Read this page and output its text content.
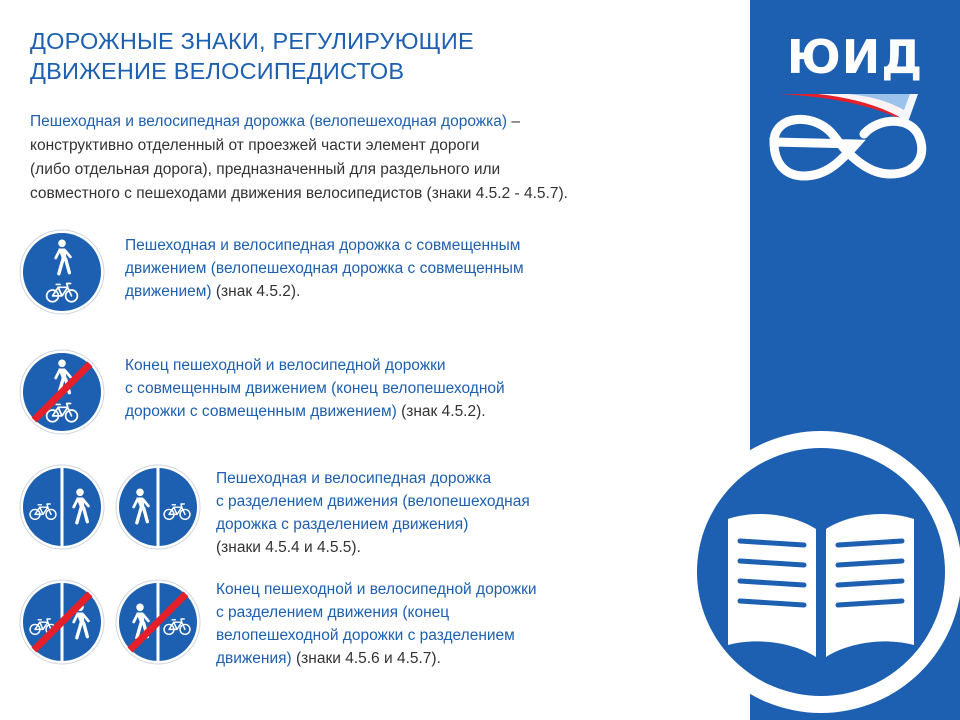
ДОРОЖНЫЕ ЗНАКИ, РЕГУЛИРУЮЩИЕ
ДВИЖЕНИЕ ВЕЛОСИПЕДИСТОВ
Пешеходная и велосипедная дорожка (велопешеходная дорожка) –
конструктивно отделенный от проезжей части элемент дороги
(либо отдельная дорога), предназначенный для раздельного или
совместного с пешеходами движения велосипедистов (знаки 4.5.2 - 4.5.7).
Пешеходная и велосипедная дорожка с совмещенным
движением (велопешеходная дорожка с совмещенным
движением) (знак 4.5.2).
Конец пешеходной и велосипедной дорожки
с совмещенным движением (конец велопешеходной
дорожки с совмещенным движением) (знак 4.5.2).
Пешеходная и велосипедная дорожка
с разделением движения (велопешеходная
дорожка с разделением движения)
(знаки 4.5.4 и 4.5.5).
Конец пешеходной и велосипедной дорожки
с разделением движения (конец
велопешеходной дорожки с разделением
движения) (знаки 4.5.6 и 4.5.7).
ЮИД
